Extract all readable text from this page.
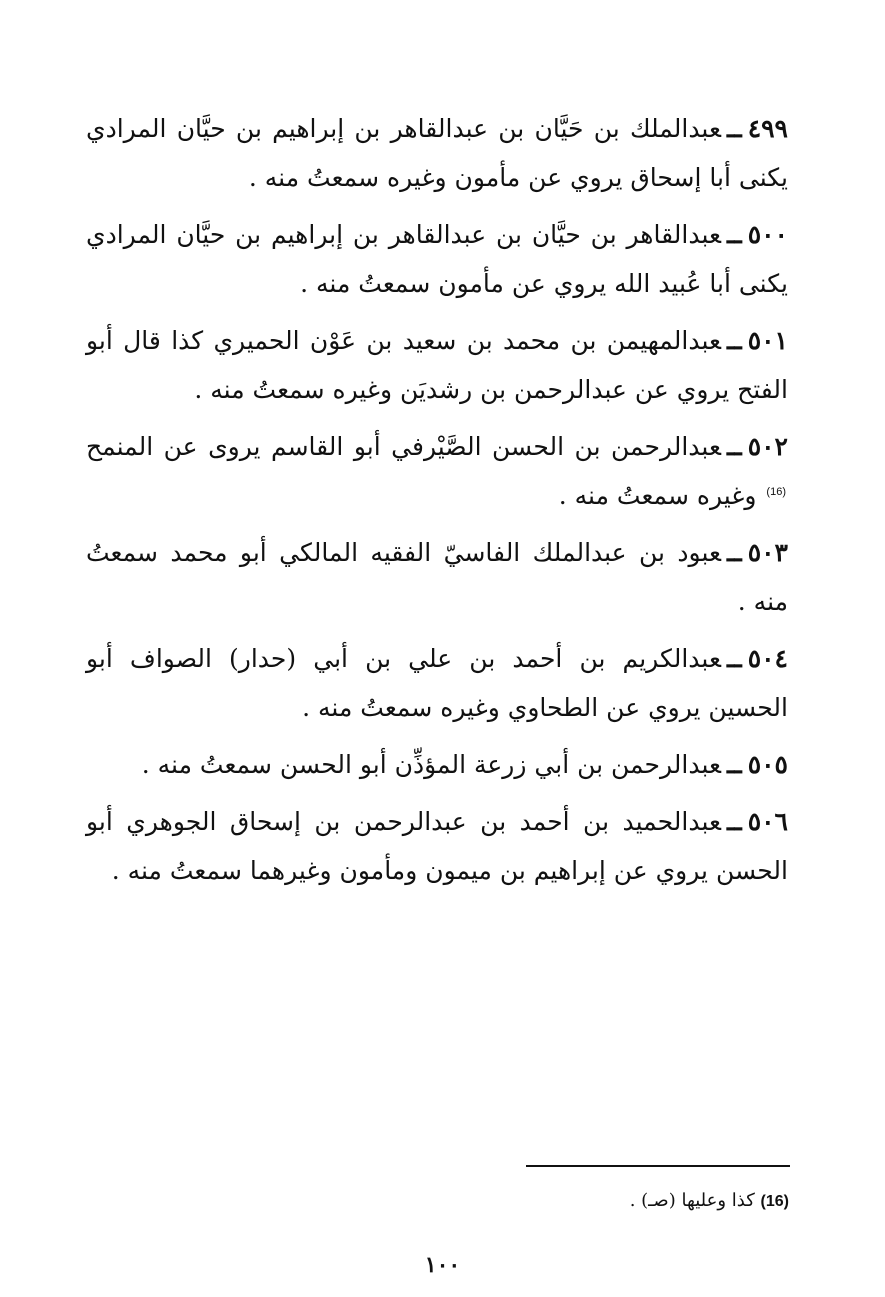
٤٩٩ــعبدالملك بن حَيَّان بن عبدالقاهر بن إبراهيم بن حيَّان المرادي يكنى أبا إسحاق يروي عن مأمون وغيره سمعتُ منه .

٥٠٠ــعبدالقاهر بن حيَّان بن عبدالقاهر بن إبراهيم بن حيَّان المرادي يكنى أبا عُبيد الله يروي عن مأمون سمعتُ منه .

٥٠١ــعبدالمهيمن بن محمد بن سعيد بن عَوْن الحميري كذا قال أبو الفتح يروي عن عبدالرحمن بن رشديَن وغيره سمعتُ منه .

٥٠٢ــعبدالرحمن بن الحسن الصَّيْرفي أبو القاسم يروى عن المنمح $^{(16)}$ وغيره سمعتُ منه .

٥٠٣ــعبود بن عبدالملك الفاسيّ الفقيه المالكي أبو محمد سمعتُ منه .

٥٠٤ــعبدالكريم بن أحمد بن علي بن أبي (حدار) الصواف أبو الحسين يروي عن الطحاوي وغيره سمعتُ منه .

٥٠٥ــعبدالرحمن بن أبي زرعة المؤذِّن أبو الحسن سمعتُ منه .

٥٠٦ــعبدالحميد بن أحمد بن عبدالرحمن بن إسحاق الجوهري أبو الحسن يروي عن إبراهيم بن ميمون ومأمون وغيرهما سمعتُ منه .

(16) كذا وعليها (صـ) .
١٠٠
